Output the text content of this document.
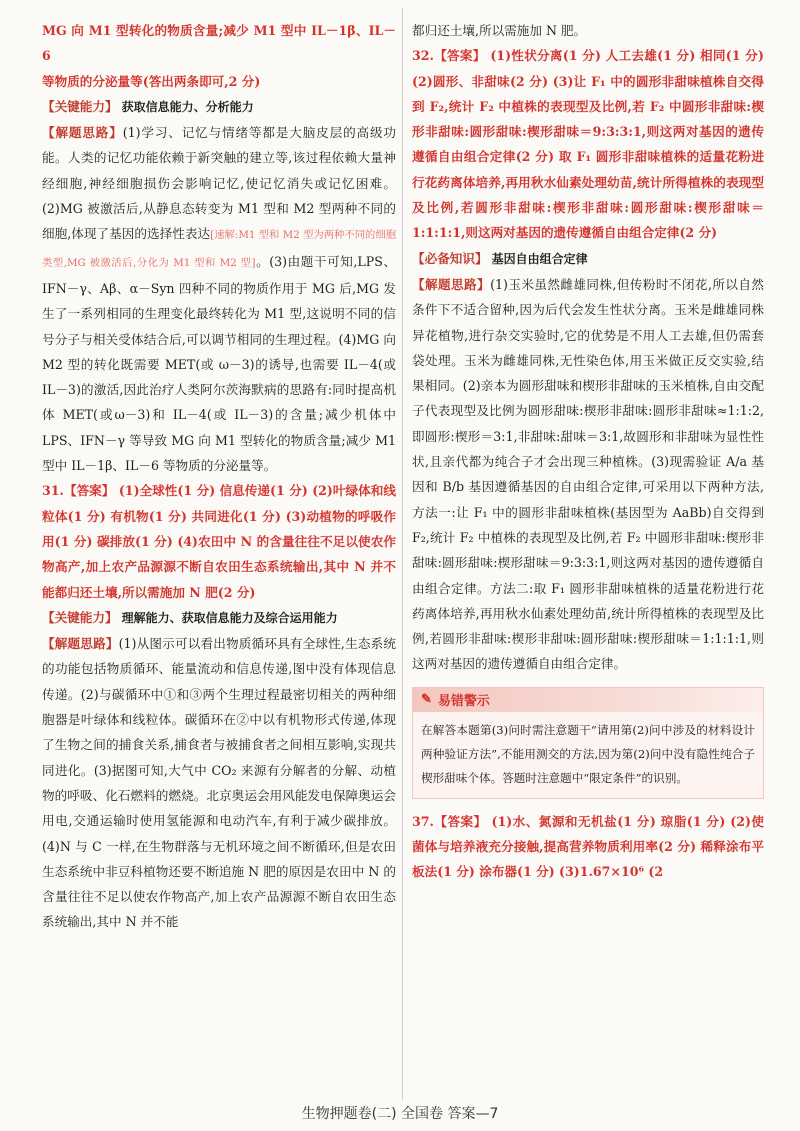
MG 向 M1 型转化的物质含量;减少 M1 型中 IL－1β、IL－6

等物质的分泌量等(答出两条即可,2 分)

【关键能力】 获取信息能力、分析能力

【解题思路】(1)学习、记忆与情绪等都是大脑皮层的高级功能。人类的记忆功能依赖于新突触的建立等,该过程依赖大量神经细胞,神经细胞损伤会影响记忆,使记忆消失或记忆困难。(2)MG 被激活后,从静息态转变为 M1 型和 M2 型两种不同的细胞,体现了基因的选择性表达[速解:M1 型和 M2 型为两种不同的细胞类型,MG 被激活后,分化为 M1 型和 M2 型]。(3)由题干可知,LPS、IFN－γ、Aβ、α－Syn 四种不同的物质作用于 MG 后,MG 发生了一系列相同的生理变化最终转化为 M1 型,这说明不同的信号分子与相关受体结合后,可以调节相同的生理过程。(4)MG 向 M2 型的转化既需要 MET(或 ω－3)的诱导,也需要 IL－4(或 IL－3)的激活,因此治疗人类阿尔茨海默病的思路有:同时提高机体 MET(或ω－3)和 IL－4(或 IL－3)的含量;减少机体中 LPS、IFN－γ 等导致 MG 向 M1 型转化的物质含量;减少 M1 型中 IL－1β、IL－6 等物质的分泌量等。

31.【答案】 (1)全球性(1 分) 信息传递(1 分) (2)叶绿体和线粒体(1 分) 有机物(1 分) 共同进化(1 分) (3)动植物的呼吸作用(1 分) 碳排放(1 分) (4)农田中 N 的含量往往不足以使农作物高产,加上农产品源源不断自农田生态系统输出,其中 N 并不能都归还土壤,所以需施加 N 肥(2 分)

【关键能力】 理解能力、获取信息能力及综合运用能力

【解题思路】(1)从图示可以看出物质循环具有全球性,生态系统的功能包括物质循环、能量流动和信息传递,图中没有体现信息传递。(2)与碳循环中①和③两个生理过程最密切相关的两种细胞器是叶绿体和线粒体。碳循环在②中以有机物形式传递,体现了生物之间的捕食关系,捕食者与被捕食者之间相互影响,实现共同进化。(3)据图可知,大气中 CO₂ 来源有分解者的分解、动植物的呼吸、化石燃料的燃烧。北京奥运会用风能发电保障奥运会用电,交通运输时使用氢能源和电动汽车,有利于减少碳排放。(4)N 与 C 一样,在生物群落与无机环境之间不断循环,但是农田生态系统中非豆科植物还要不断追施 N 肥的原因是农田中 N 的含量往往不足以使农作物高产,加上农产品源源不断自农田生态系统输出,其中 N 并不能

都归还土壤,所以需施加 N 肥。

32.【答案】 (1)性状分离(1 分) 人工去雄(1 分) 相同(1 分) (2)圆形、非甜味(2 分) (3)让 F₁ 中的圆形非甜味植株自交得到 F₂,统计 F₂ 中植株的表现型及比例,若 F₂ 中圆形非甜味:楔形非甜味:圆形甜味:楔形甜味＝9:3:3:1,则这两对基因的遗传遵循自由组合定律(2 分) 取 F₁ 圆形非甜味植株的适量花粉进行花药离体培养,再用秋水仙素处理幼苗,统计所得植株的表现型及比例,若圆形非甜味:楔形非甜味:圆形甜味:楔形甜味＝1:1:1:1,则这两对基因的遗传遵循自由组合定律(2 分)

【必备知识】 基因自由组合定律

【解题思路】(1)玉米虽然雌雄同株,但传粉时不闭花,所以自然条件下不适合留种,因为后代会发生性状分离。玉米是雌雄同株异花植物,进行杂交实验时,它的优势是不用人工去雄,但仍需套袋处理。玉米为雌雄同株,无性染色体,用玉米做正反交实验,结果相同。(2)亲本为圆形甜味和楔形非甜味的玉米植株,自由交配子代表现型及比例为圆形甜味:楔形非甜味:圆形非甜味≈1:1:2,即圆形:楔形＝3:1,非甜味:甜味＝3:1,故圆形和非甜味为显性性状,且亲代都为纯合子才会出现三种植株。(3)现需验证 A/a 基因和 B/b 基因遵循基因的自由组合定律,可采用以下两种方法,方法一:让 F₁ 中的圆形非甜味植株(基因型为 AaBb)自交得到 F₂,统计 F₂ 中植株的表现型及比例,若 F₂ 中圆形非甜味:楔形非甜味:圆形甜味:楔形甜味＝9:3:3:1,则这两对基因的遗传遵循自由组合定律。方法二:取 F₁ 圆形非甜味植株的适量花粉进行花药离体培养,再用秋水仙素处理幼苗,统计所得植株的表现型及比例,若圆形非甜味:楔形非甜味:圆形甜味:楔形甜味＝1:1:1:1,则这两对基因的遗传遵循自由组合定律。

✎ 易错警示
在解答本题第(3)问时需注意题干“请用第(2)问中涉及的材料设计两种验证方法”,不能用测交的方法,因为第(2)问中没有隐性纯合子楔形甜味个体。答题时注意题中“限定条件”的识别。

37.【答案】 (1)水、氮源和无机盐(1 分) 琼脂(1 分) (2)使菌体与培养液充分接触,提高营养物质利用率(2 分) 稀释涂布平板法(1 分) 涂布器(1 分) (3)1.67×10⁶ (2

生物押题卷(二) 全国卷 答案—7
